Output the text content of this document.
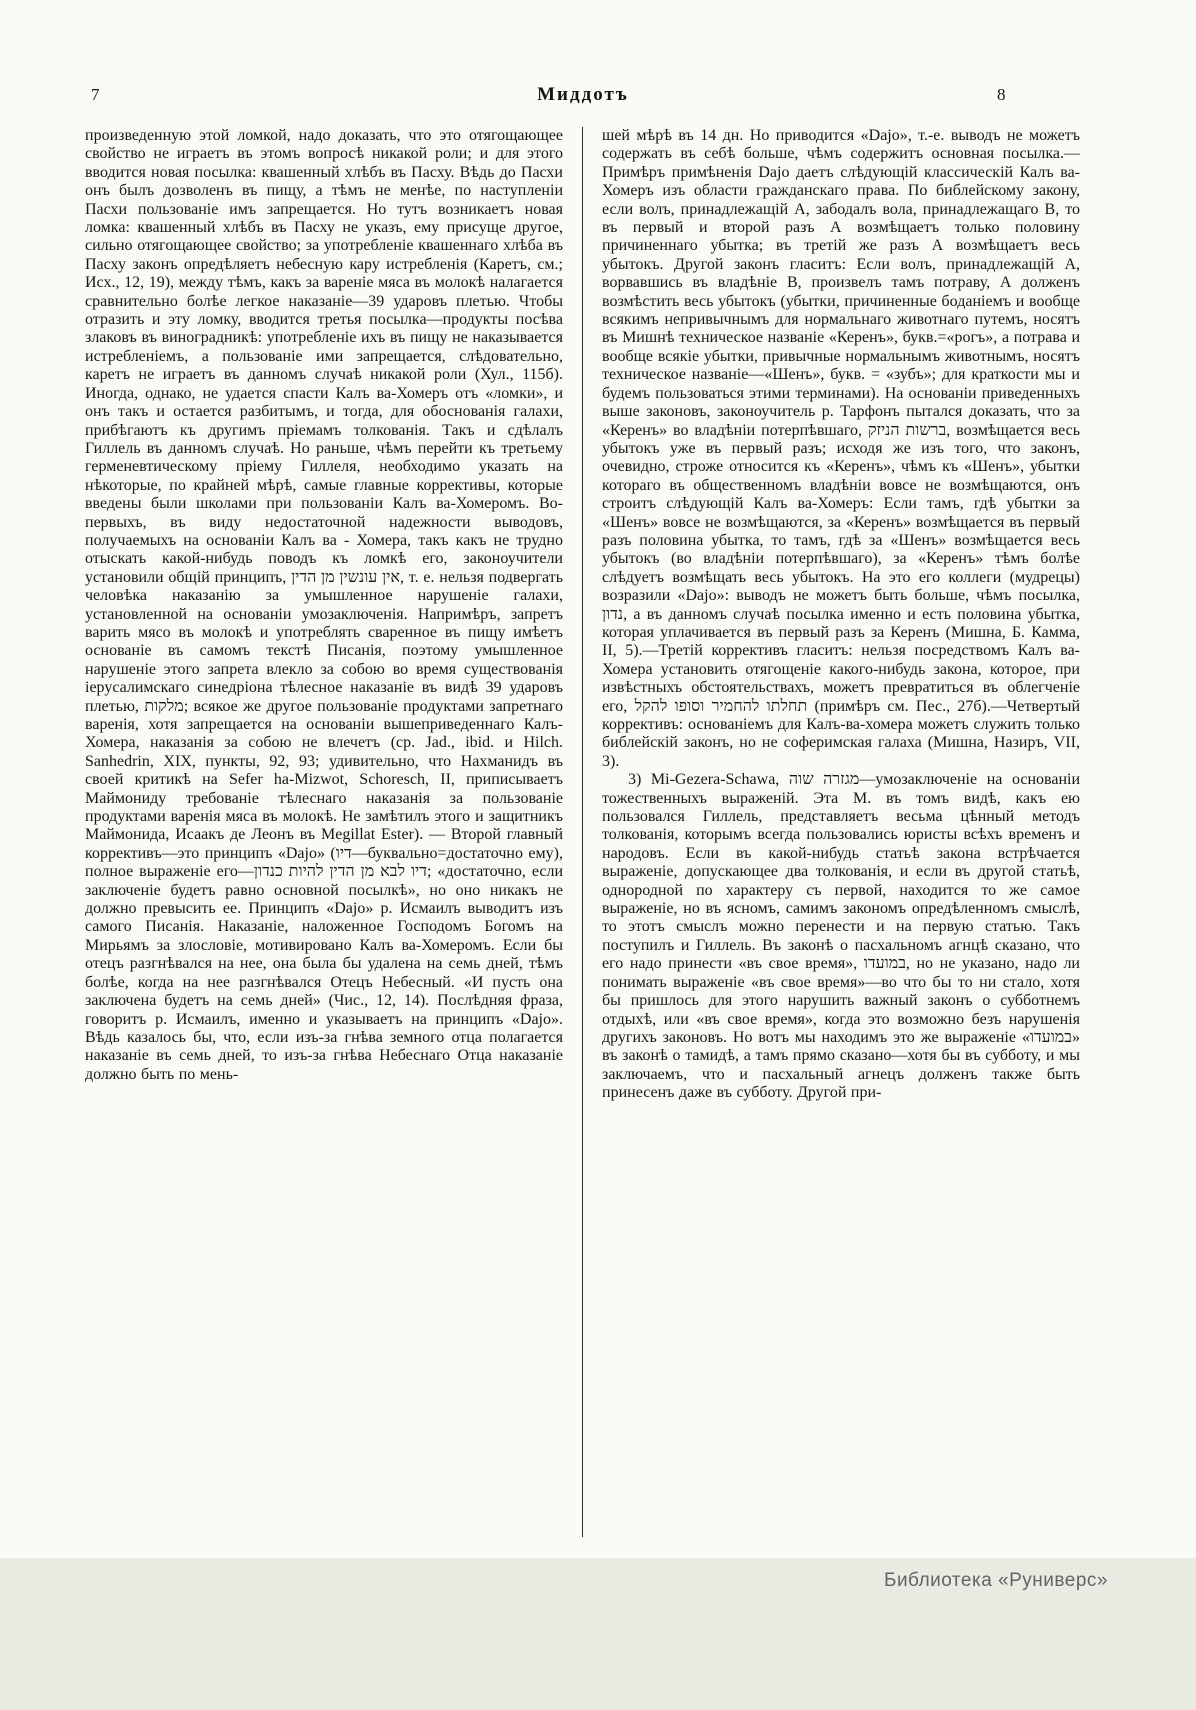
7	Миддотъ	8

произведенную этой ломкой, надо доказать, что это отягощающее свойство не играетъ въ этомъ вопросѣ никакой роли; и для этого вводится новая посылка: квашенный хлѣбъ въ Пасху. Вѣдь до Пасхи онъ былъ дозволенъ въ пищу, а тѣмъ не менѣе, по наступленіи Пасхи пользованіе имъ запрещается. Но тутъ возникаетъ новая ломка: квашенный хлѣбъ въ Пасху не указъ, ему присуще другое, сильно отягощающее свойство; за употребленіе квашеннаго хлѣба въ Пасху законъ опредѣляетъ небесную кару истребленія (Каретъ, см.; Исх., 12, 19), между тѣмъ, какъ за вареніе мяса въ молокѣ налагается сравнительно болѣе легкое наказаніе—39 ударовъ плетью. Чтобы отразить и эту ломку, вводится третья посылка—продукты посѣва злаковъ въ виноградникѣ: употребленіе ихъ въ пищу не наказывается истребленіемъ, а пользованіе ими запрещается, слѣдовательно, каретъ не играетъ въ данномъ случаѣ никакой роли (Хул., 115б). Иногда, однако, не удается спасти Калъ ва-Хомеръ отъ «ломки», и онъ такъ и остается разбитымъ, и тогда, для обоснованія галахи, прибѣгаютъ къ другимъ пріемамъ толкованія. Такъ и сдѣлалъ Гиллель въ данномъ случаѣ. Но раньше, чѣмъ перейти къ третьему герменевтическому пріему Гиллеля, необходимо указать на нѣкоторые, по крайней мѣрѣ, самые главные коррективы, которые введены были школами при пользованіи Калъ ва-Хомеромъ. Во-первыхъ, въ виду недостаточной надежности выводовъ, получаемыхъ на основаніи Калъ ва - Хомера, такъ какъ не трудно отыскать какой-нибудь поводъ къ ломкѣ его, законоучители установили общій принципъ, אין עונשין מן הדין, т. е. нельзя подвергать человѣка наказанію за умышленное нарушеніе галахи, установленной на основаніи умозаключенія. Напримѣръ, запретъ варить мясо въ молокѣ и употреблять сваренное въ пищу имѣетъ основаніе въ самомъ текстѣ Писанія, поэтому умышленное нарушеніе этого запрета влекло за собою во время существованія іерусалимскаго синедріона тѣлесное наказаніе въ видѣ 39 ударовъ плетью, מלקות; всякое же другое пользованіе продуктами запретнаго варенія, хотя запрещается на основаніи вышеприведеннаго Калъ-Хомера, наказанія за собою не влечетъ (ср. Jad., ibid. и Hilch. Sanhedrin, XIX, пункты, 92, 93; удивительно, что Нахманидъ въ своей критикѣ на Sefer ha-Mizwot, Schoresch, II, приписываетъ Маймониду требованіе тѣлеснаго наказанія за пользованіе продуктами варенія мяса въ молокѣ. Не замѣтилъ этого и защитникъ Маймонида, Исаакъ де Леонъ въ Megillat Ester). — Второй главный коррективъ—это принципъ «Dajo» (דיו—буквально=достаточно ему), полное выраженіе его—דיו לבא מן הדין להיות כנדון; «достаточно, если заключеніе будетъ равно основной посылкѣ», но оно никакъ не должно превысить ее. Принципъ «Dajo» р. Исмаилъ выводитъ изъ самого Писанія. Наказаніе, наложенное Господомъ Богомъ на Мирьямъ за злословіе, мотивировано Калъ ва-Хомеромъ. Если бы отецъ разгнѣвался на нее, она была бы удалена на семь дней, тѣмъ болѣе, когда на нее разгнѣвался Отецъ Небесный. «И пусть она заключена будетъ на семь дней» (Чис., 12, 14). Послѣдняя фраза, говоритъ р. Исмаилъ, именно и указываетъ на принципъ «Dajo». Вѣдь казалось бы, что, если изъ-за гнѣва земного отца полагается наказаніе въ семь дней, то изъ-за гнѣва Небеснаго Отца наказаніе должно быть по мень-

шей мѣрѣ въ 14 дн. Но приводится «Dajo», т.-е. выводъ не можетъ содержать въ себѣ больше, чѣмъ содержитъ основная посылка.—Примѣръ примѣненія Dajo даетъ слѣдующій классическій Калъ ва-Хомеръ изъ области гражданскаго права. По библейскому закону, если волъ, принадлежащій А, забодалъ вола, принадлежащаго В, то въ первый и второй разъ А возмѣщаетъ только половину причиненнаго убытка; въ третій же разъ А возмѣщаетъ весь убытокъ. Другой законъ гласитъ: Если волъ, принадлежащій А, ворвавшись въ владѣніе В, произвелъ тамъ потраву, А долженъ возмѣстить весь убытокъ (убытки, причиненные боданіемъ и вообще всякимъ непривычнымъ для нормальнаго животнаго путемъ, носятъ въ Мишнѣ техническое названіе «Керенъ», букв.=«рогъ», а потрава и вообще всякіе убытки, привычные нормальнымъ животнымъ, носятъ техническое названіе—«Шенъ», букв. = «зубъ»; для краткости мы и будемъ пользоваться этими терминами). На основаніи приведенныхъ выше законовъ, законоучитель р. Тарфонъ пытался доказать, что за «Керенъ» во владѣніи потерпѣвшаго, ברשות הניזק, возмѣщается весь убытокъ уже въ первый разъ; исходя же изъ того, что законъ, очевидно, строже относится къ «Керенъ», чѣмъ къ «Шенъ», убытки котораго въ общественномъ владѣніи вовсе не возмѣщаются, онъ строитъ слѣдующій Калъ ва-Хомеръ: Если тамъ, гдѣ убытки за «Шенъ» вовсе не возмѣщаются, за «Керенъ» возмѣщается въ первый разъ половина убытка, то тамъ, гдѣ за «Шенъ» возмѣщается весь убытокъ (во владѣніи потерпѣвшаго), за «Керенъ» тѣмъ болѣе слѣдуетъ возмѣщать весь убытокъ. На это его коллеги (мудрецы) возразили «Dajo»: выводъ не можетъ быть больше, чѣмъ посылка, נדון, а въ данномъ случаѣ посылка именно и есть половина убытка, которая уплачивается въ первый разъ за Керенъ (Мишна, Б. Камма, II, 5).—Третій коррективъ гласитъ: нельзя посредствомъ Калъ ва-Хомера установить отягощеніе какого-нибудь закона, которое, при извѣстныхъ обстоятельствахъ, можетъ превратиться въ облегченіе его, תחלתו להחמיר וסופו להקל (примѣръ см. Пес., 27б).—Четвертый коррективъ: основаніемъ для Калъ-ва-хомера можетъ служить только библейскій законъ, но не соферимская галаха (Мишна, Назиръ, VII, 3).

3) Mi-Gezera-Schawa, מגזרה שוה—умозаключеніе на основаніи тожественныхъ выраженій. Эта М. въ томъ видѣ, какъ ею пользовался Гиллель, представляетъ весьма цѣнный методъ толкованія, которымъ всегда пользовались юристы всѣхъ временъ и народовъ. Если въ какой-нибудь статьѣ закона встрѣчается выраженіе, допускающее два толкованія, и если въ другой статьѣ, однородной по характеру съ первой, находится то же самое выраженіе, но въ ясномъ, самимъ закономъ опредѣленномъ смыслѣ, то этотъ смыслъ можно перенести и на первую статью. Такъ поступилъ и Гиллель. Въ законѣ о пасхальномъ агнцѣ сказано, что его надо принести «въ свое время», במועדו, но не указано, надо ли понимать выраженіе «въ свое время»—во что бы то ни стало, хотя бы пришлось для этого нарушить важный законъ о субботнемъ отдыхѣ, или «въ свое время», когда это возможно безъ нарушенія другихъ законовъ. Но вотъ мы находимъ это же выраженіе «במועדו» въ законѣ о тамидѣ, а тамъ прямо сказано—хотя бы въ субботу, и мы заключаемъ, что и пасхальный агнецъ долженъ также быть принесенъ даже въ субботу. Другой при-

Библиотека «Руниверс»
